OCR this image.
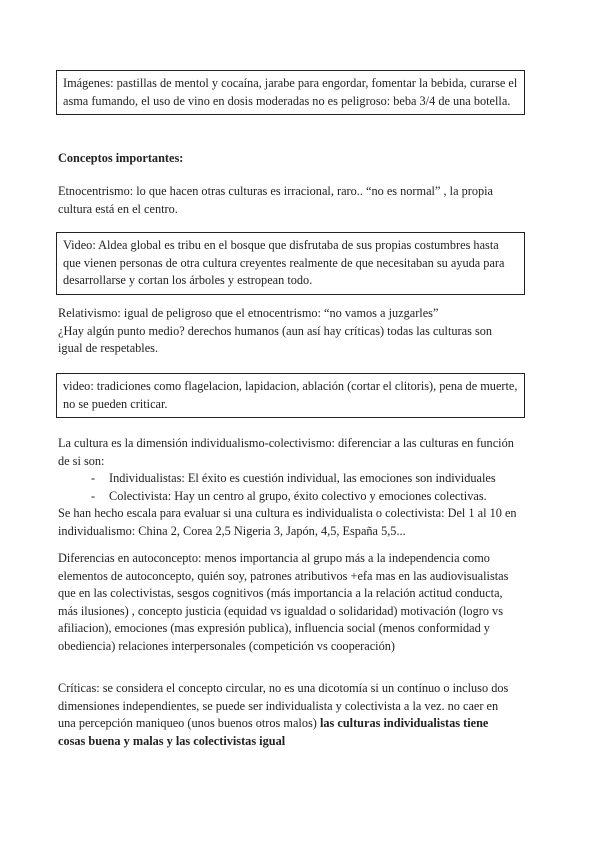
Imágenes: pastillas de mentol y cocaína, jarabe para engordar, fomentar la bebida, curarse el asma fumando, el uso de vino en dosis moderadas no es peligroso: beba 3/4 de una botella.

Conceptos importantes:

Etnocentrismo: lo que hacen otras culturas es irracional, raro.. “no es normal” , la propia cultura está en el centro.

Video: Aldea global es tribu en el bosque que disfrutaba de sus propias costumbres hasta que vienen personas de otra cultura creyentes realmente de que necesitaban su ayuda para desarrollarse y cortan los árboles y estropean todo.

Relativismo: igual de peligroso que el etnocentrismo: “no vamos a juzgarles”

¿Hay algún punto medio? derechos humanos (aun así hay críticas) todas las culturas son igual de respetables.

video: tradiciones como flagelacion, lapidacion, ablación (cortar el clitoris), pena de muerte, no se pueden criticar.

La cultura es la dimensión individualismo-colectivismo: diferenciar a las culturas en función de si son:

- Individualistas: El éxito es cuestión individual, las emociones son individuales
- Colectivista: Hay un centro al grupo, éxito colectivo y emociones colectivas.

Se han hecho escala para evaluar si una cultura es individualista o colectivista: Del 1 al 10 en individualismo: China 2, Corea 2,5 Nigeria 3, Japón, 4,5, España 5,5...

Diferencias en autoconcepto: menos importancia al grupo más a la independencia como elementos de autoconcepto, quién soy, patrones atributivos +efa mas en las audiovisualistas que en las colectivistas, sesgos cognitivos (más importancia a la relación actitud conducta, más ilusiones) , concepto justicia (equidad vs igualdad o solidaridad) motivación (logro vs afiliacion), emociones (mas expresión publica), influencia social (menos conformidad y obediencia) relaciones interpersonales (competición vs cooperación)

Críticas: se considera el concepto circular, no es una dicotomía si un contínuo o incluso dos dimensiones independientes, se puede ser individualista y colectivista a la vez. no caer en una percepción maniqueo (unos buenos otros malos) las culturas individualistas tiene cosas buena y malas y las colectivistas igual
